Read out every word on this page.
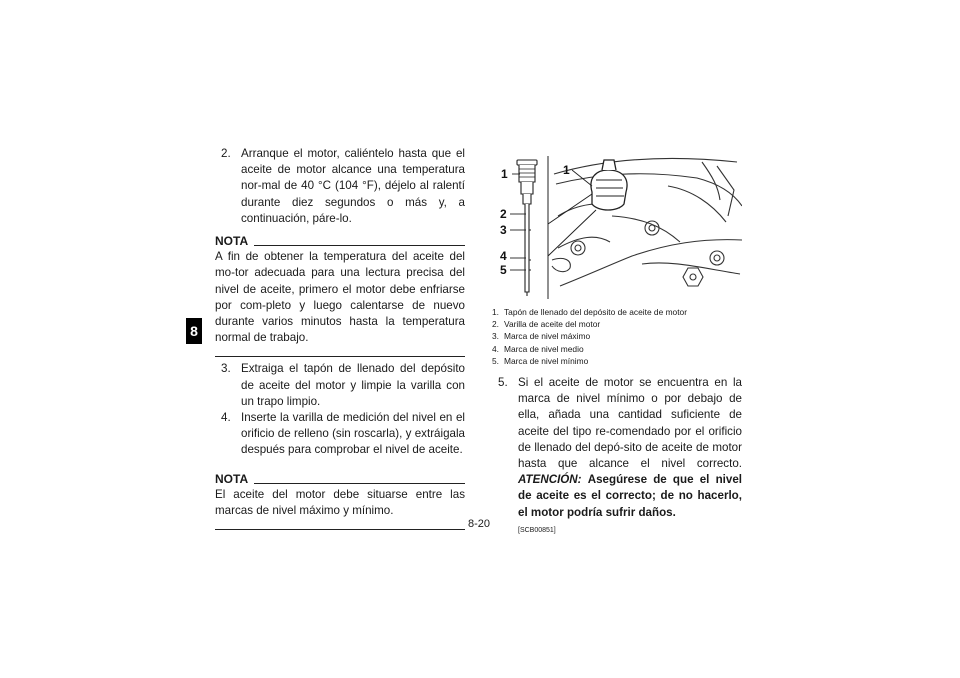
8
2. Arranque el motor, caliéntelo hasta que el aceite de motor alcance una temperatura nor-mal de 40 °C (104 °F), déjelo al ralentí durante diez segundos o más y, a continuación, páre-lo.
NOTA
A fin de obtener la temperatura del aceite del mo-tor adecuada para una lectura precisa del nivel de aceite, primero el motor debe enfriarse por com-pleto y luego calentarse de nuevo durante varios minutos hasta la temperatura normal de trabajo.
3. Extraiga el tapón de llenado del depósito de aceite del motor y limpie la varilla con un trapo limpio.
4. Inserte la varilla de medición del nivel en el orificio de relleno (sin roscarla), y extráigala después para comprobar el nivel de aceite.
NOTA
El aceite del motor debe situarse entre las marcas de nivel máximo y mínimo.
1	1
2
3
4
5
1. Tapón de llenado del depósito de aceite de motor
2. Varilla de aceite del motor
3. Marca de nivel máximo
4. Marca de nivel medio
5. Marca de nivel mínimo
5. Si el aceite de motor se encuentra en la marca de nivel mínimo o por debajo de ella, añada una cantidad suficiente de aceite del tipo re-comendado por el orificio de llenado del depó-sito de aceite de motor hasta que alcance el nivel correcto. ATENCIÓN: Asegúrese de que el nivel de aceite es el correcto; de no hacerlo, el motor podría sufrir daños.
[SCB00851]
8-20
